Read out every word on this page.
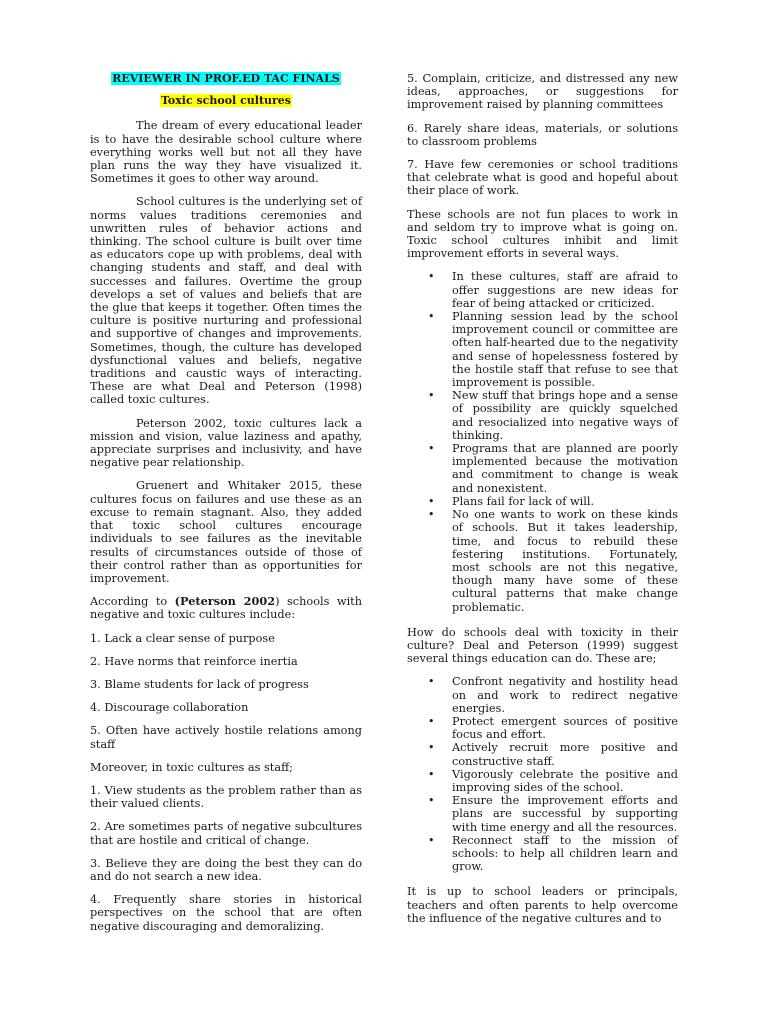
REVIEWER IN PROF.ED TAC FINALS
Toxic school cultures

The dream of every educational leader is to have the desirable school culture where everything works well but not all they have plan runs the way they have visualized it. Sometimes it goes to other way around.

School cultures is the underlying set of norms values traditions ceremonies and unwritten rules of behavior actions and thinking. The school culture is built over time as educators cope up with problems, deal with changing students and staff, and deal with successes and failures. Overtime the group develops a set of values and beliefs that are the glue that keeps it together. Often times the culture is positive nurturing and professional and supportive of changes and improvements. Sometimes, though, the culture has developed dysfunctional values and beliefs, negative traditions and caustic ways of interacting. These are what Deal and Peterson (1998) called toxic cultures.

Peterson 2002, toxic cultures lack a mission and vision, value laziness and apathy, appreciate surprises and inclusivity, and have negative pear relationship.

Gruenert and Whitaker 2015, these cultures focus on failures and use these as an excuse to remain stagnant. Also, they added that toxic school cultures encourage individuals to see failures as the inevitable results of circumstances outside of those of their control rather than as opportunities for improvement.

According to (Peterson 2002) schools with negative and toxic cultures include:

1. Lack a clear sense of purpose
2. Have norms that reinforce inertia
3. Blame students for lack of progress
4. Discourage collaboration
5. Often have actively hostile relations among staff

Moreover, in toxic cultures as staff;

1. View students as the problem rather than as their valued clients.
2. Are sometimes parts of negative subcultures that are hostile and critical of change.
3. Believe they are doing the best they can do and do not search a new idea.
4. Frequently share stories in historical perspectives on the school that are often negative discouraging and demoralizing.
5. Complain, criticize, and distressed any new ideas, approaches, or suggestions for improvement raised by planning committees
6. Rarely share ideas, materials, or solutions to classroom problems
7. Have few ceremonies or school traditions that celebrate what is good and hopeful about their place of work.

These schools are not fun places to work in and seldom try to improve what is going on. Toxic school cultures inhibit and limit improvement efforts in several ways.

• In these cultures, staff are afraid to offer suggestions are new ideas for fear of being attacked or criticized.
• Planning session lead by the school improvement council or committee are often half-hearted due to the negativity and sense of hopelessness fostered by the hostile staff that refuse to see that improvement is possible.
• New stuff that brings hope and a sense of possibility are quickly squelched and resocialized into negative ways of thinking.
• Programs that are planned are poorly implemented because the motivation and commitment to change is weak and nonexistent.
• Plans fail for lack of will.
• No one wants to work on these kinds of schools. But it takes leadership, time, and focus to rebuild these festering institutions. Fortunately, most schools are not this negative, though many have some of these cultural patterns that make change problematic.

How do schools deal with toxicity in their culture? Deal and Peterson (1999) suggest several things education can do. These are;

• Confront negativity and hostility head on and work to redirect negative energies.
• Protect emergent sources of positive focus and effort.
• Actively recruit more positive and constructive staff.
• Vigorously celebrate the positive and improving sides of the school.
• Ensure the improvement efforts and plans are successful by supporting with time energy and all the resources.
• Reconnect staff to the mission of schools: to help all children learn and grow.

It is up to school leaders or principals, teachers and often parents to help overcome the influence of the negative cultures and to
